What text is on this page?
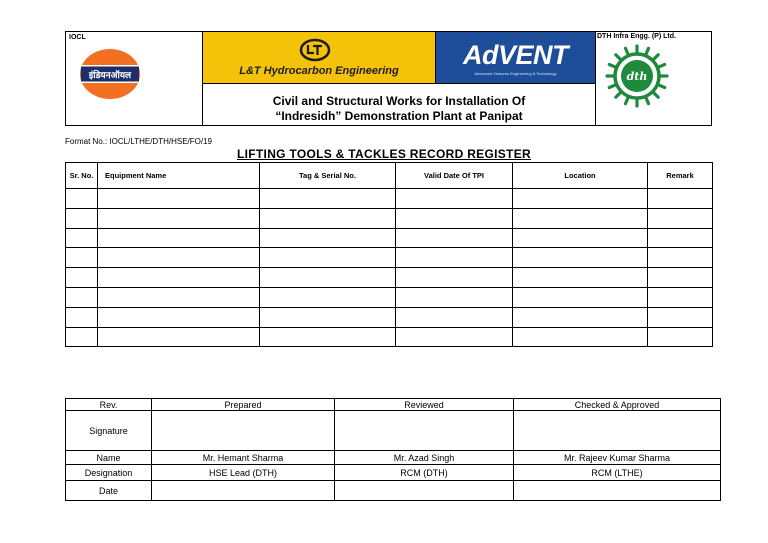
IOCL
इंडियनऑयल	L&T Hydrocarbon Engineering
AdVENT
Advanced Ventures Engineering & Technology
Civil and Structural Works for Installation Of
“Indresidh” Demonstration Plant at Panipat
DTH Infra Engg. (P) Ltd.
dth
Format No.: IOCL/LTHE/DTH/HSE/FO/19
LIFTING TOOLS & TACKLES RECORD REGISTER
Sr. No.	Equipment Name	Tag & Serial No.	Valid Date Of TPI	Location	Remark

Rev.	Prepared	Reviewed	Checked & Approved
Signature			
Name	Mr. Hemant Sharma	Mr. Azad Singh	Mr. Rajeev Kumar Sharma
Designation	HSE Lead (DTH)	RCM (DTH)	RCM (LTHE)
Date			
